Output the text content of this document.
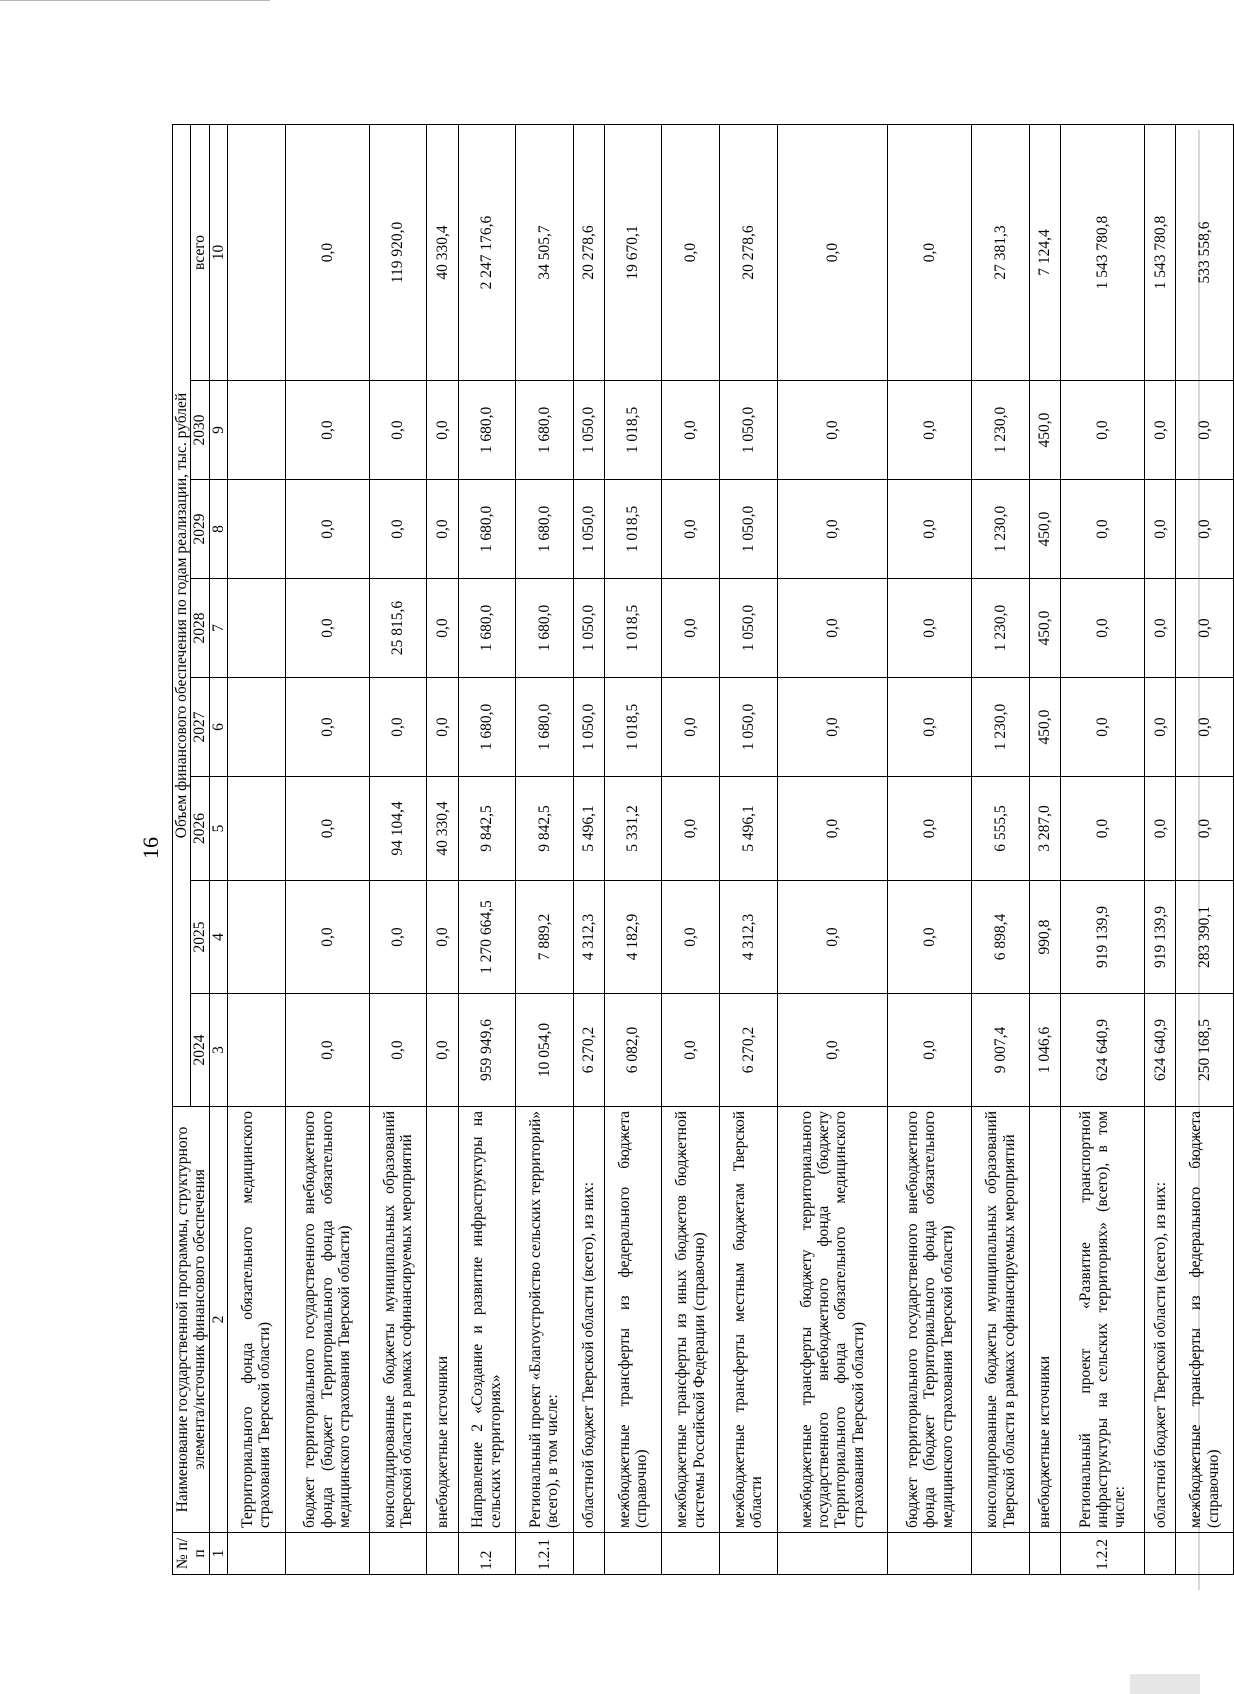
16
№ п/п	Наименование государственной программы, структурного элемента/источник финансового обеспечения	Объем финансового обеспечения по годам реализации, тыс. рублей							
		2024	2025	2026	2027	2028	2029	2030	всего
1	2	3	4	5	6	7	8	9	10
	Территориального фонда обязательного медицинского страхования Тверской области)								
	бюджет территориального государственного внебюджетного фонда (бюджет Территориального фонда обязательного медицинского страхования Тверской области)	0,0	0,0	0,0	0,0	0,0	0,0	0,0	0,0
	консолидированные бюджеты муниципальных образований Тверской области в рамках софинансируемых мероприятий	0,0	0,0	94 104,4	0,0	25 815,6	0,0	0,0	119 920,0
	внебюджетные источники	0,0	0,0	40 330,4	0,0	0,0	0,0	0,0	40 330,4
1.2	Направление 2 «Создание и развитие инфраструктуры на сельских территориях»	959 949,6	1 270 664,5	9 842,5	1 680,0	1 680,0	1 680,0	1 680,0	2 247 176,6
1.2.1	Региональный проект «Благоустройство сельских территорий» (всего), в том числе:	10 054,0	7 889,2	9 842,5	1 680,0	1 680,0	1 680,0	1 680,0	34 505,7
	областной бюджет Тверской области (всего), из них:	6 270,2	4 312,3	5 496,1	1 050,0	1 050,0	1 050,0	1 050,0	20 278,6
	межбюджетные трансферты из федерального бюджета (справочно)	6 082,0	4 182,9	5 331,2	1 018,5	1 018,5	1 018,5	1 018,5	19 670,1
	межбюджетные трансферты из иных бюджетов бюджетной системы Российской Федерации (справочно)	0,0	0,0	0,0	0,0	0,0	0,0	0,0	0,0
	межбюджетные трансферты местным бюджетам Тверской области	6 270,2	4 312,3	5 496,1	1 050,0	1 050,0	1 050,0	1 050,0	20 278,6
	межбюджетные трансферты бюджету территориального государственного внебюджетного фонда (бюджету Территориального фонда обязательного медицинского страхования Тверской области)	0,0	0,0	0,0	0,0	0,0	0,0	0,0	0,0
	бюджет территориального государственного внебюджетного фонда (бюджет Территориального фонда обязательного медицинского страхования Тверской области)	0,0	0,0	0,0	0,0	0,0	0,0	0,0	0,0
	консолидированные бюджеты муниципальных образований Тверской области в рамках софинансируемых мероприятий	9 007,4	6 898,4	6 555,5	1 230,0	1 230,0	1 230,0	1 230,0	27 381,3
	внебюджетные источники	1 046,6	990,8	3 287,0	450,0	450,0	450,0	450,0	7 124,4
1.2.2	Региональный проект «Развитие транспортной инфраструктуры на сельских территориях» (всего), в том числе:	624 640,9	919 139,9	0,0	0,0	0,0	0,0	0,0	1 543 780,8
	областной бюджет Тверской области (всего), из них:	624 640,9	919 139,9	0,0	0,0	0,0	0,0	0,0	1 543 780,8
	межбюджетные трансферты из федерального бюджета (справочно)	250 168,5	283 390,1	0,0	0,0	0,0	0,0	0,0	533 558,6
